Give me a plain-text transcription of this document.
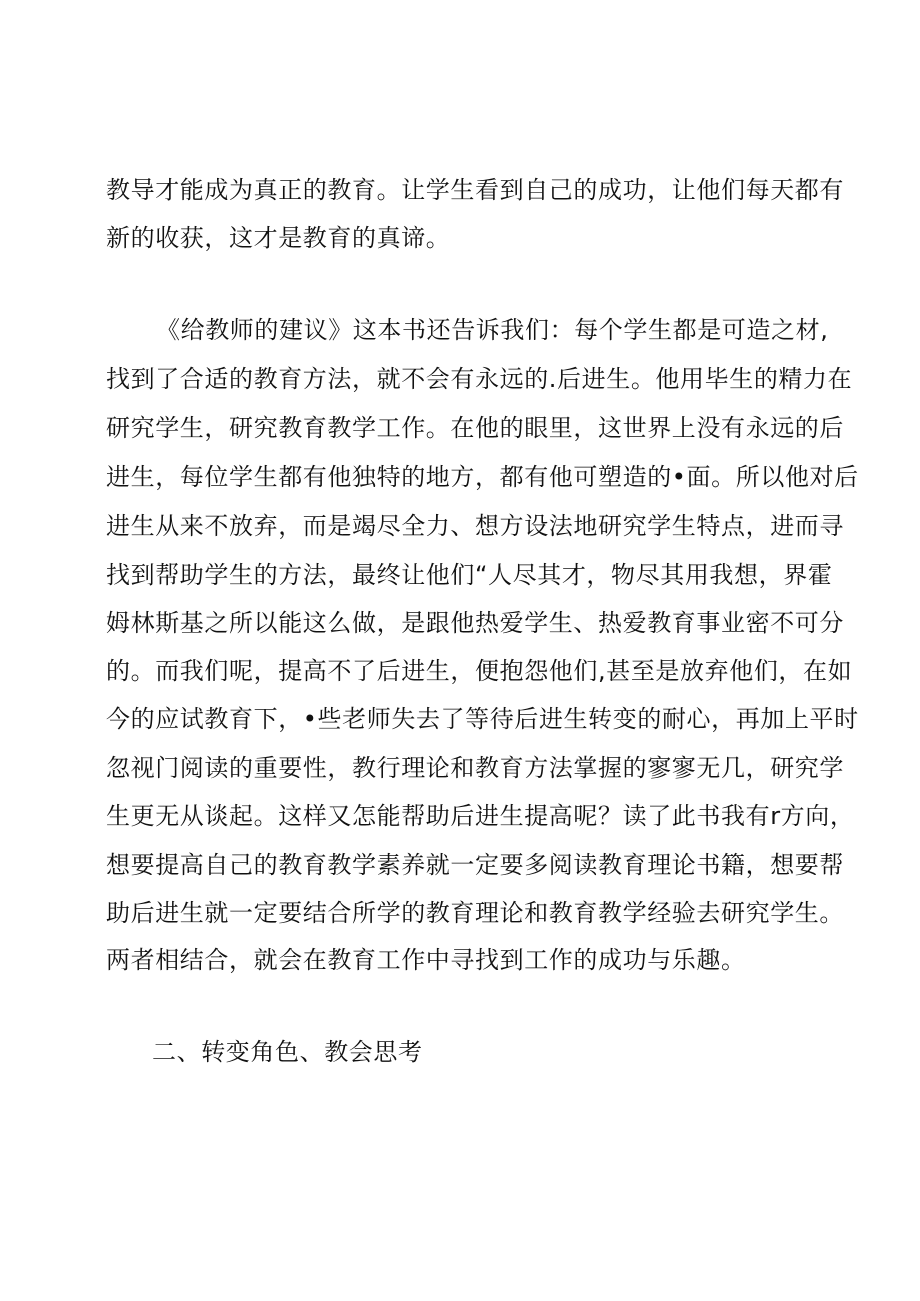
教导才能成为真正的教育。让学生看到自己的成功，让他们每天都有
新的收获，这才是教育的真谛。
《给教师的建议》这本书还告诉我们：每个学生都是可造之材,
找到了合适的教育方法，就不会有永远的.后进生。他用毕生的精力在
研究学生，研究教育教学工作。在他的眼里，这世界上没有永远的后
进生，每位学生都有他独特的地方，都有他可塑造的•面。所以他对后
进生从来不放弃，而是竭尽全力、想方设法地研究学生特点，进而寻
找到帮助学生的方法，最终让他们“人尽其才，物尽其用我想，界霍
姆林斯基之所以能这么做，是跟他热爱学生、热爱教育事业密不可分
的。而我们呢，提高不了后进生，便抱怨他们,甚至是放弃他们，在如
今的应试教育下，•些老师失去了等待后进生转变的耐心，再加上平时
忽视门阅读的重要性，教行理论和教育方法掌握的寥寥无几，研究学
生更无从谈起。这样又怎能帮助后进生提高呢？读了此书我有r方向，
想要提高自己的教育教学素养就一定要多阅读教育理论书籍，想要帮
助后进生就一定要结合所学的教育理论和教育教学经验去研究学生。
两者相结合，就会在教育工作中寻找到工作的成功与乐趣。
二、转变角色、教会思考
